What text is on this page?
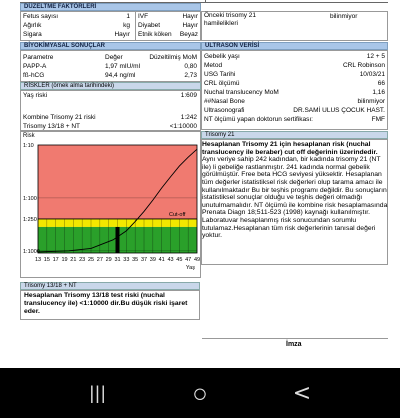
DÜZELTME FAKTÖRLERİ
Fetus sayısı	1
Ağırlık	kg
Sigara	Hayır
IVF	Hayır
Diyabet	Hayır
Etnik köken Beyaz
Önceki trisomy 21 hamilelikleri
bilinmiyor
BİYOKİMYASAL SONUÇLAR
Parametre	Değer	Düzeltilmiş MoM
PAPP-A	1,97 mIU/ml	0,80
fß-hCG	94,4 ng/ml	2,73
ULTRASON VERİSİ
Gebelik yaşı	12 + 5
Metod	CRL Robinson
USG Tarihi	10/03/21
CRL ölçümü	66
Nuchal translucency MoM	1,16
##Nasal Bone	bilinmiyor
Ultrasonografi	DR.SAMİ ULUS ÇOCUK HAST.
NT ölçümü yapan doktorun sertifikası:	FMF
RİSKLER (örnek alma tarihindeki)
Yaş riski	1:609
Kombine Trisomy 21 riski	1:242
Trisomy 13/18 + NT	<1:10000
Risk
Cut-off
1:10
1:100
1:250
1:1000
13 15 17 19 21 23 25 27 29 31 33 35 37 39 41 43 45 47 49
Yaş
Trisomy 21
Hesaplanan Trisomy 21 için hesaplanan risk (nuchal translucency ile beraber) cut off değerinin üzerindedir.
Aynı veriye sahip 242 kadından, bir kadında trisomy 21 (NT ile) li gebeliğe rastlanmıştır. 241 kadında normal gebelik görülmüştür. Free beta HCG seviyesi yüksektir. Hesaplanan tüm değerler istatistiksel risk değerleri olup tarama amacı ile kullanılmaktadır Bu bir teşhis programı değildir. Bu sonuçların istatistiksel sonuçlar olduğu ve teşhis değeri olmadığı unutulmamalıdır. NT ölçümü ile kombine risk hesaplamasında Prenata Diagn 18;511-523 (1998) kaynağı kullanılmıştır. Laboratuvar hesaplanmış risk sonucundan sorumlu tutulamaz.Hesaplanan tüm risk değerlerinin tanısal değeri yoktur.
Trisomy 13/18 + NT
Hesaplanan Trisomy 13/18 test riski (nuchal translucency ile) <1:10000 dir.Bu düşük riski işaret eder.
İmza
|||	○	<
